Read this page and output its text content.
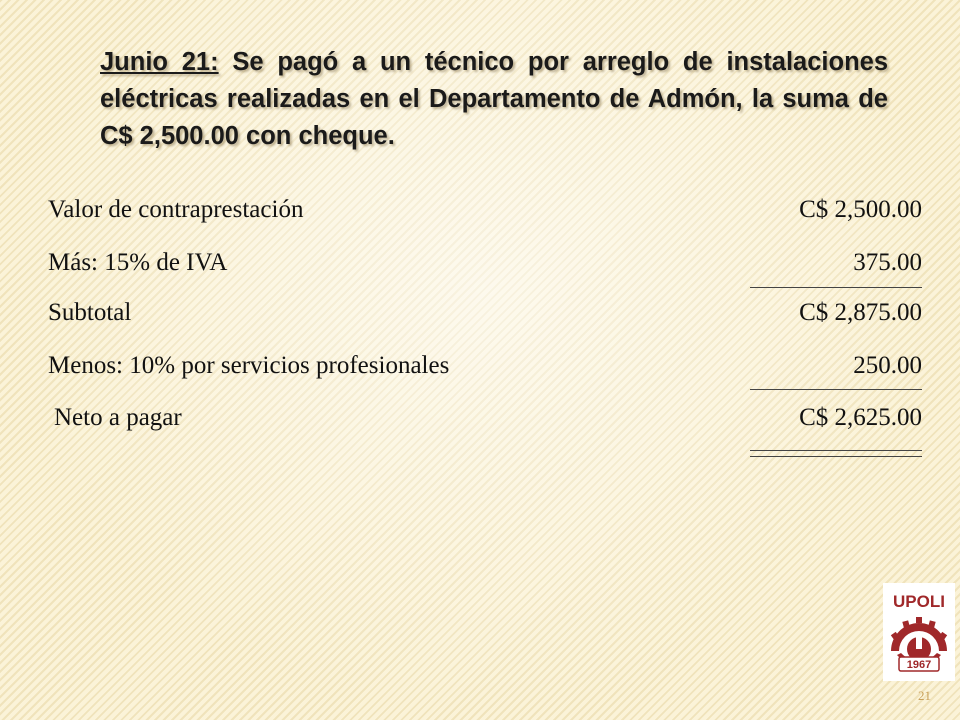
Junio 21: Se pagó a un técnico por arreglo de instalaciones eléctricas realizadas en el Departamento de Admón, la suma de C$ 2,500.00 con cheque.
Valor de contraprestación	C$ 2,500.00
Más: 15% de IVA	375.00
Subtotal	C$ 2,875.00
Menos: 10% por servicios profesionales	250.00
Neto a pagar	C$ 2,625.00
UPOLI
1967
21
